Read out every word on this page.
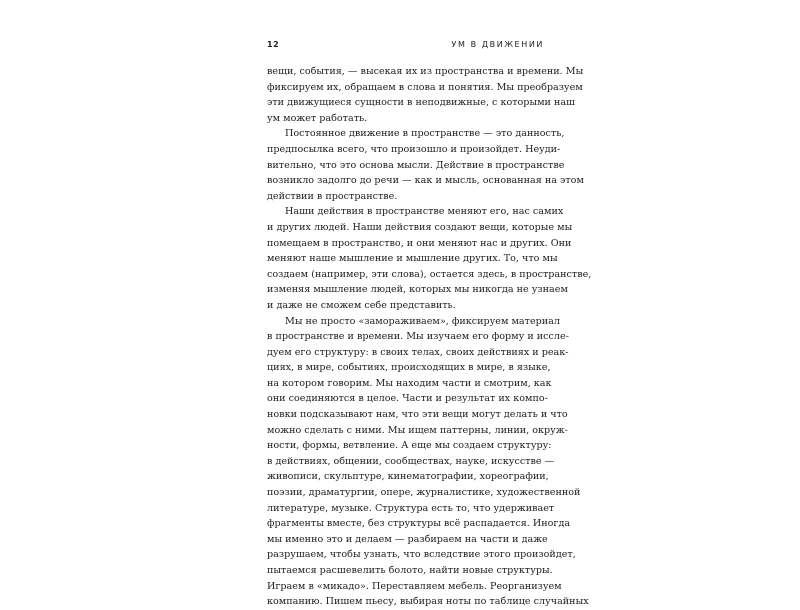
12	УМ В ДВИЖЕНИИ
вещи, события, — высекая их из пространства и времени. Мы
фиксируем их, обращаем в слова и понятия. Мы преобразуем
эти движущиеся сущности в неподвижные, с которыми наш
ум может работать.
Постоянное движение в пространстве — это данность,
предпосылка всего, что произошло и произойдет. Неуди-
вительно, что это основа мысли. Действие в пространстве
возникло задолго до речи — как и мысль, основанная на этом
действии в пространстве.
Наши действия в пространстве меняют его, нас самих
и других людей. Наши действия создают вещи, которые мы
помещаем в пространство, и они меняют нас и других. Они
меняют наше мышление и мышление других. То, что мы
создаем (например, эти слова), остается здесь, в пространстве,
изменяя мышление людей, которых мы никогда не узнаем
и даже не сможем себе представить.
Мы не просто «замораживаем», фиксируем материал
в пространстве и времени. Мы изучаем его форму и иссле-
дуем его структуру: в своих телах, своих действиях и реак-
циях, в мире, событиях, происходящих в мире, в языке,
на котором говорим. Мы находим части и смотрим, как
они соединяются в целое. Части и результат их компо-
новки подсказывают нам, что эти вещи могут делать и что
можно сделать с ними. Мы ищем паттерны, линии, окруж-
ности, формы, ветвление. А еще мы создаем структуру:
в действиях, общении, сообществах, науке, искусстве —
живописи, скульптуре, кинематографии, хореографии,
поэзии, драматургии, опере, журналистике, художественной
литературе, музыке. Структура есть то, что удерживает
фрагменты вместе, без структуры всё распадается. Иногда
мы именно это и делаем — разбираем на части и даже
разрушаем, чтобы узнать, что вследствие этого произойдет,
пытаемся расшевелить болото, найти новые структуры.
Играем в «микадо». Переставляем мебель. Реорганизуем
компанию. Пишем пьесу, выбирая ноты по таблице случайных
